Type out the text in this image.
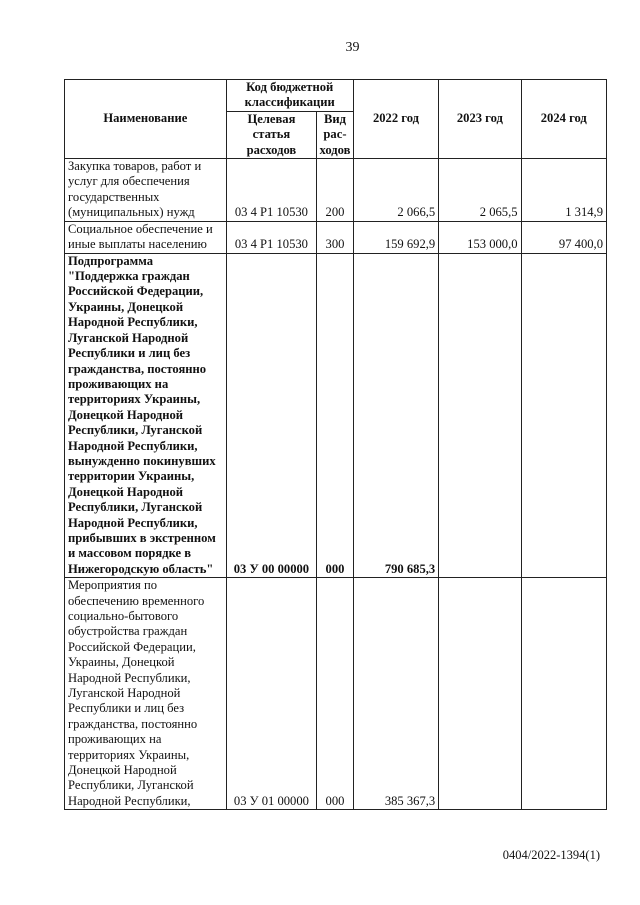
39
Наименование	Код бюджетной классификации		2022 год	2023 год	2024 год
	Целевая статья расходов	Вид рас-ходов			
Закупка товаров, работ и услуг для обеспечения государственных (муниципальных) нужд	03 4 P1 10530	200	2 066,5	2 065,5	1 314,9
Социальное обеспечение и иные выплаты населению	03 4 P1 10530	300	159 692,9	153 000,0	97 400,0
Подпрограмма "Поддержка граждан Российской Федерации, Украины, Донецкой Народной Республики, Луганской Народной Республики и лиц без гражданства, постоянно проживающих на территориях Украины, Донецкой Народной Республики, Луганской Народной Республики, вынужденно покинувших территории Украины, Донецкой Народной Республики, Луганской Народной Республики, прибывших в экстренном и массовом порядке в Нижегородскую область"	03 У 00 00000	000	790 685,3		
Мероприятия по обеспечению временного социально-бытового обустройства граждан Российской Федерации, Украины, Донецкой Народной Республики, Луганской Народной Республики и лиц без гражданства, постоянно проживающих на территориях Украины, Донецкой Народной Республики, Луганской Народной Республики,	03 У 01 00000	000	385 367,3		
0404/2022-1394(1)
